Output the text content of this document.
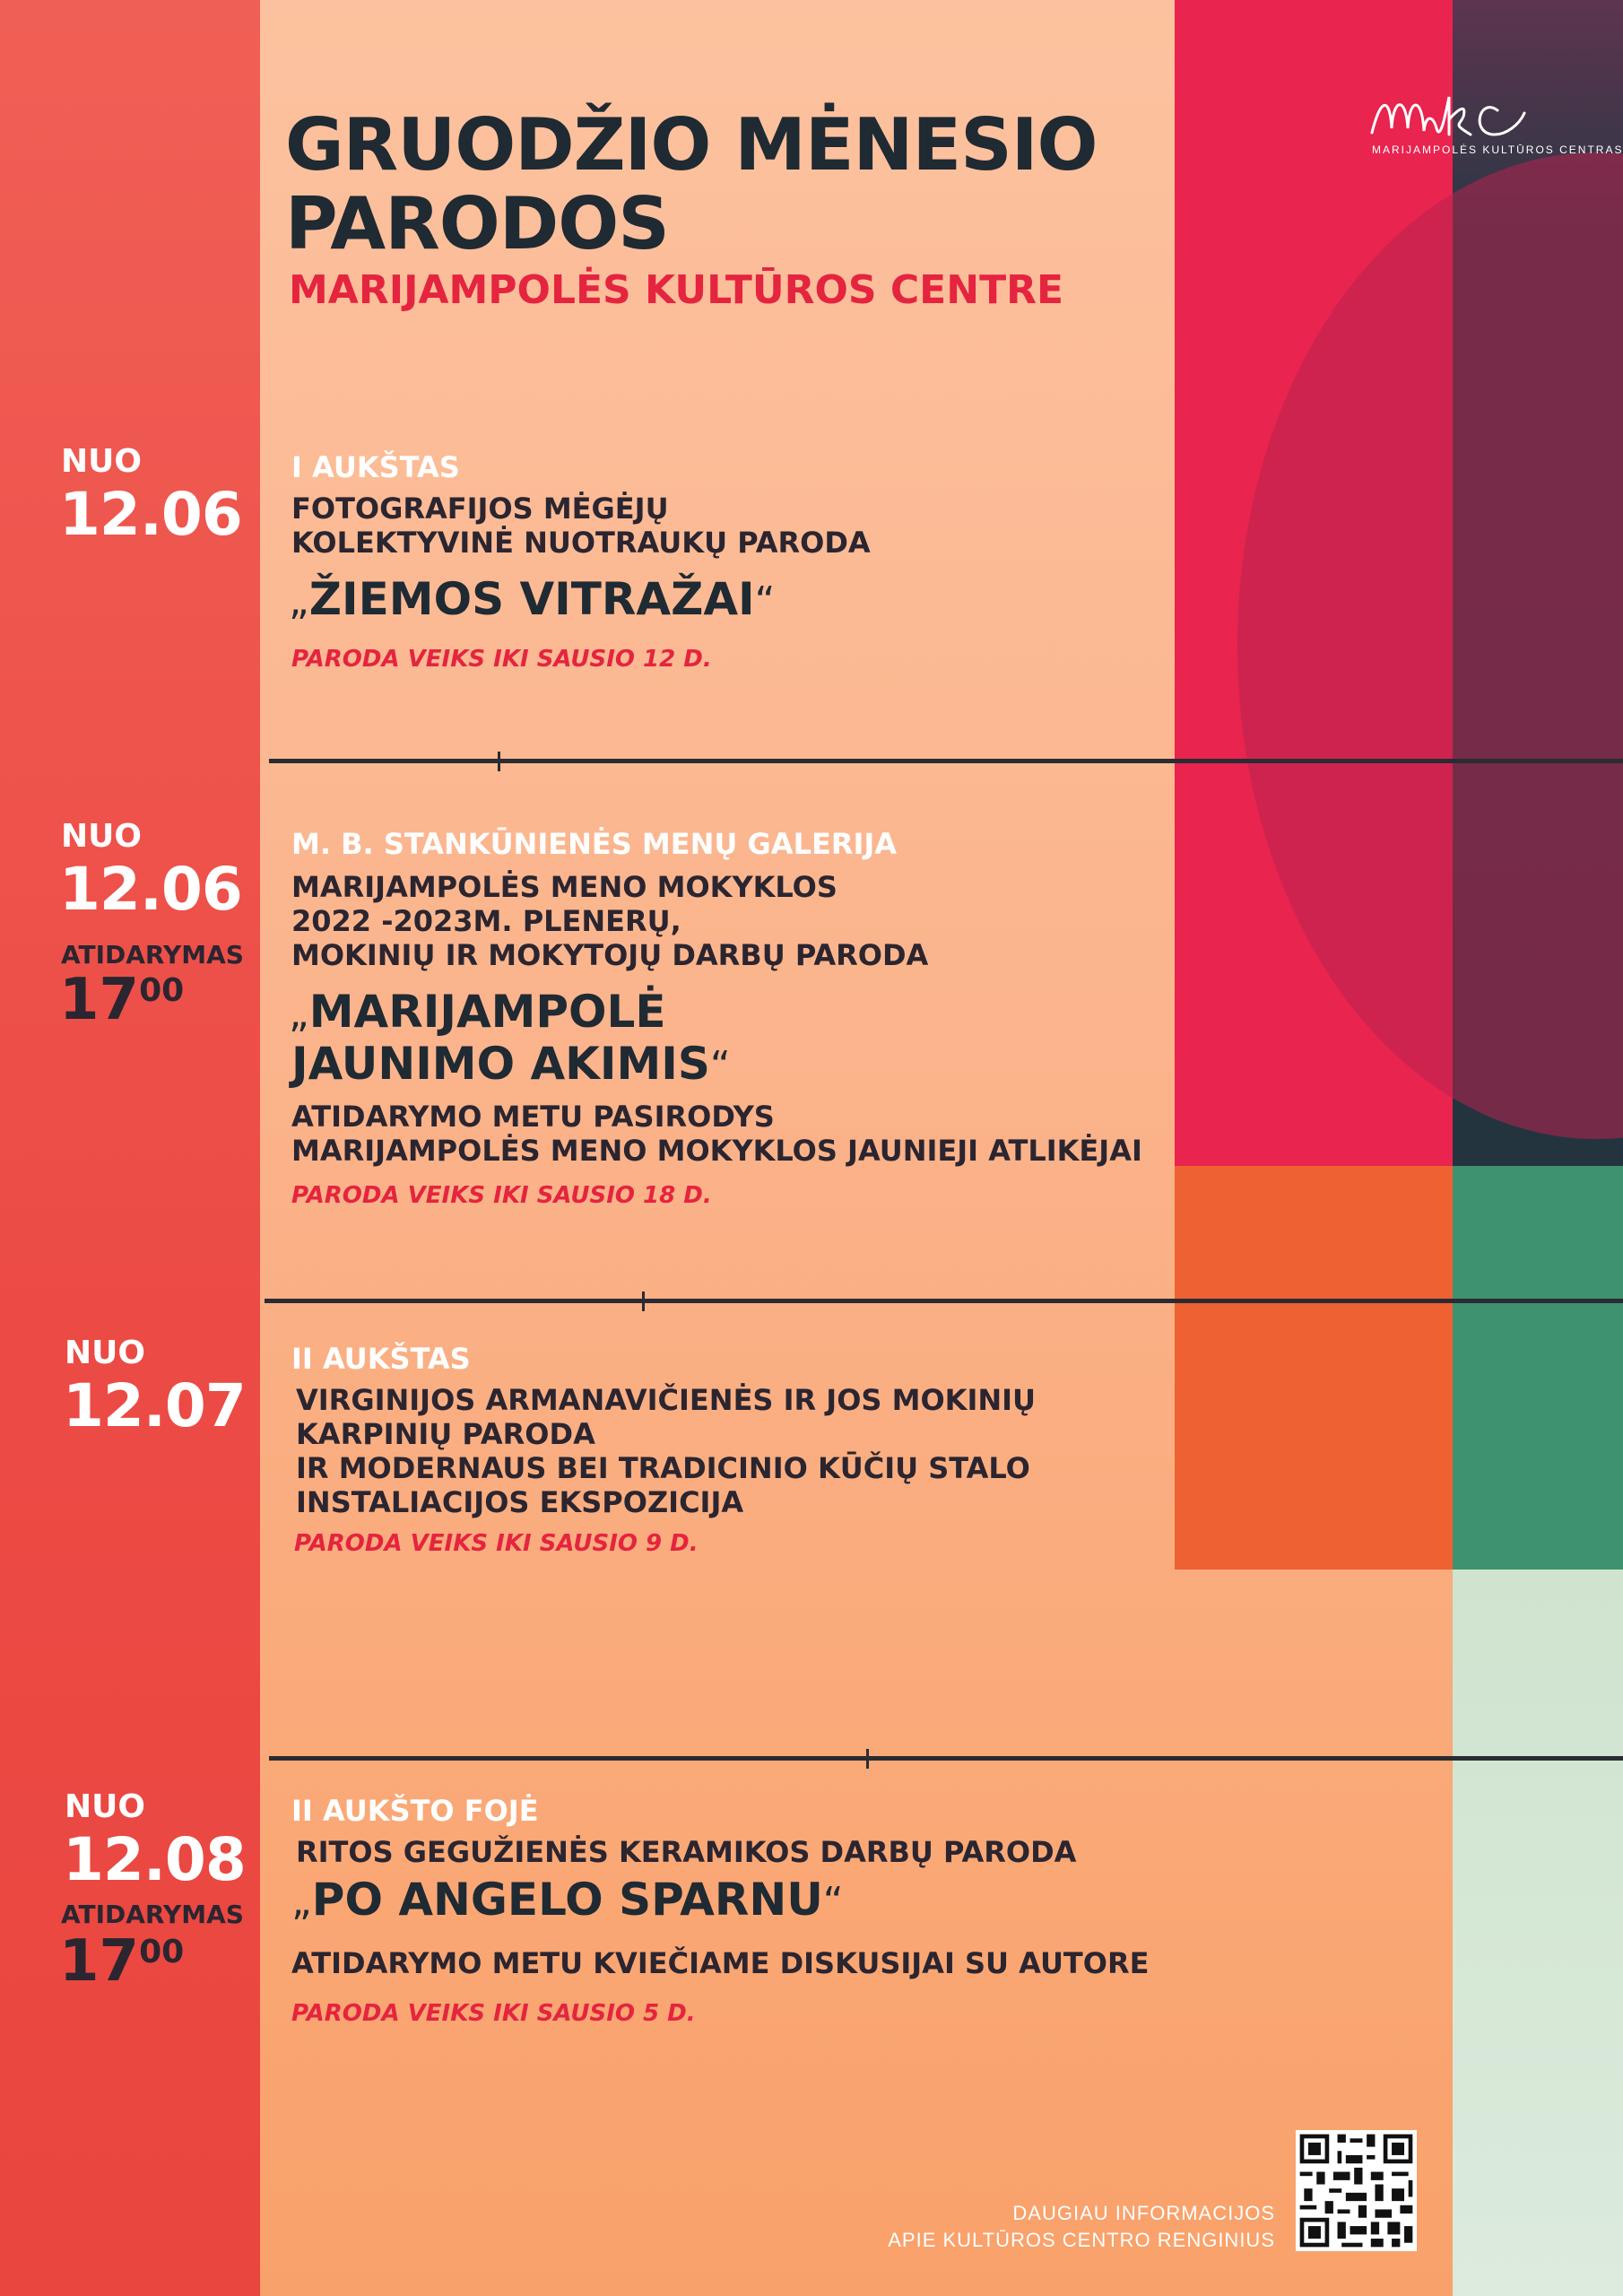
MARIJAMPOLĖS KULTŪROS CENTRAS

GRUODŽIO MĖNESIO
PARODOS

MARIJAMPOLĖS KULTŪROS CENTRE

NUO

12.06

I AUKŠTAS

FOTOGRAFIJOS MĖGĖJŲ

KOLEKTYVINĖ NUOTRAUKŲ PARODA

„ŽIEMOS VITRAŽAI“

PARODA VEIKS IKI SAUSIO 12 D.

NUO

12.06

ATIDARYMAS

$17^{00}$

M. B. STANKŪNIENĖS MENŲ GALERIJA

MARIJAMPOLĖS MENO MOKYKLOS

2022 -2023M. PLENERŲ,

MOKINIŲ IR MOKYTOJŲ DARBŲ PARODA

„MARIJAMPOLĖ

JAUNIMO AKIMIS“

ATIDARYMO METU PASIRODYS

MARIJAMPOLĖS MENO MOKYKLOS JAUNIEJI ATLIKĖJAI

PARODA VEIKS IKI SAUSIO 18 D.

NUO

12.07

II AUKŠTAS

VIRGINIJOS ARMANAVIČIENĖS IR JOS MOKINIŲ

KARPINIŲ PARODA

IR MODERNAUS BEI TRADICINIO KŪČIŲ STALO

INSTALIACIJOS EKSPOZICIJA

PARODA VEIKS IKI SAUSIO 9 D.

NUO

12.08

ATIDARYMAS

$17^{00}$

II AUKŠTO FOJĖ

RITOS GEGUŽIENĖS KERAMIKOS DARBŲ PARODA

„PO ANGELO SPARNU“

ATIDARYMO METU KVIEČIAME DISKUSIJAI SU AUTORE

PARODA VEIKS IKI SAUSIO 5 D.

DAUGIAU INFORMACIJOS

APIE KULTŪROS CENTRO RENGINIUS
